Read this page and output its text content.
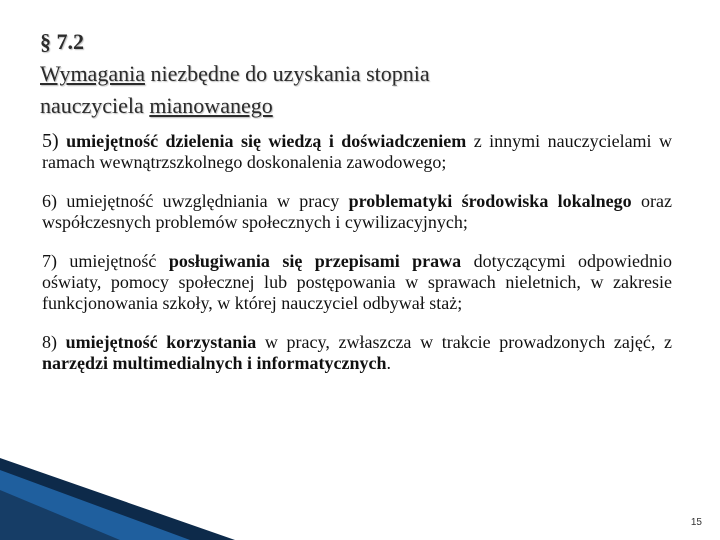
§ 7.2
Wymagania niezbędne do uzyskania stopnia
nauczyciela mianowanego

5) umiejętność dzielenia się wiedzą i doświadczeniem z innymi nauczycielami w ramach wewnątrzszkolnego doskonalenia zawodowego;

6) umiejętność uwzględniania w pracy problematyki środowiska lokalnego oraz współczesnych problemów społecznych i cywilizacyjnych;

7) umiejętność posługiwania się przepisami prawa dotyczącymi odpowiednio oświaty, pomocy społecznej lub postępowania w sprawach nieletnich, w zakresie funkcjonowania szkoły, w której nauczyciel odbywał staż;

8) umiejętność korzystania w pracy, zwłaszcza w trakcie prowadzonych zajęć, z narzędzi multimedialnych i informatycznych.

15
